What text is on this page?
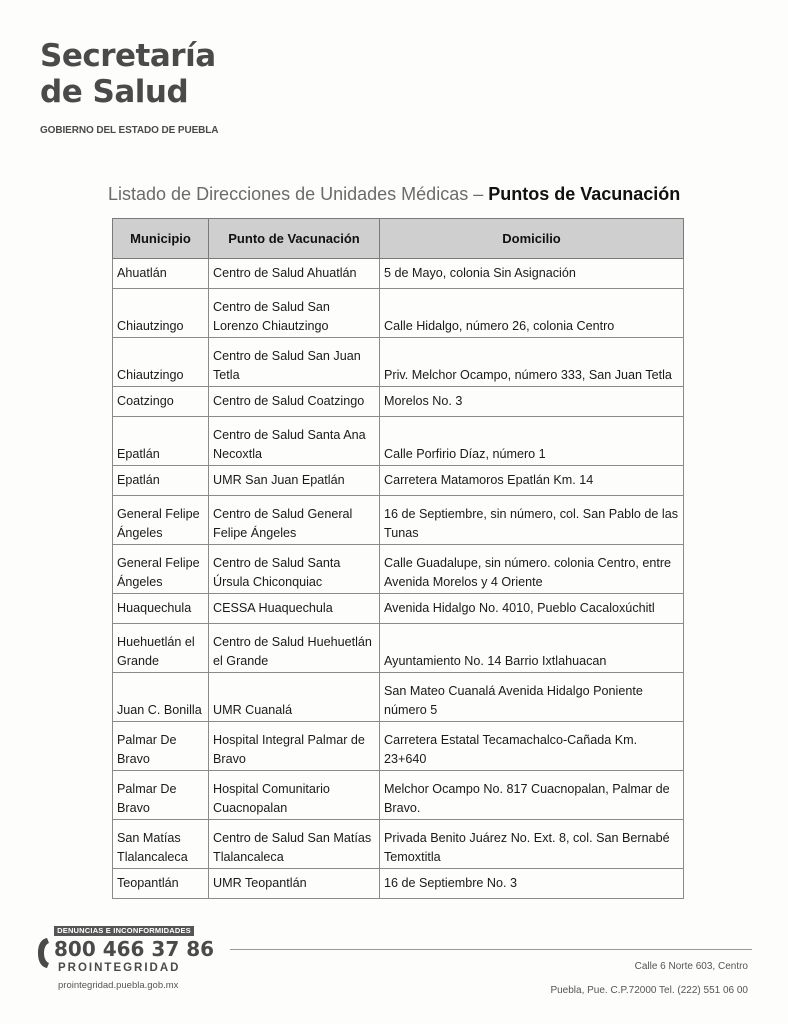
Secretaría
de Salud
GOBIERNO DEL ESTADO DE PUEBLA
Listado de Direcciones de Unidades Médicas – Puntos de Vacunación
Municipio	Punto de Vacunación	Domicilio
Ahuatlán	Centro de Salud Ahuatlán	5 de Mayo, colonia Sin Asignación
Chiautzingo	Centro de Salud San Lorenzo Chiautzingo	Calle Hidalgo, número 26, colonia Centro
Chiautzingo	Centro de Salud San Juan Tetla	Priv. Melchor Ocampo, número 333, San Juan Tetla
Coatzingo	Centro de Salud Coatzingo	Morelos No. 3
Epatlán	Centro de Salud Santa Ana Necoxtla	Calle Porfirio Díaz, número 1
Epatlán	UMR San Juan Epatlán	Carretera Matamoros Epatlán Km. 14
General Felipe Ángeles	Centro de Salud General Felipe Ángeles	16 de Septiembre, sin número, col. San Pablo de las Tunas
General Felipe Ángeles	Centro de Salud Santa Úrsula Chiconquiac	Calle Guadalupe, sin número. colonia Centro, entre Avenida Morelos y 4 Oriente
Huaquechula	CESSA Huaquechula	Avenida Hidalgo No. 4010, Pueblo Cacaloxúchitl
Huehuetlán el Grande	Centro de Salud Huehuetlán el Grande	Ayuntamiento No. 14 Barrio Ixtlahuacan
Juan C. Bonilla	UMR Cuanalá	San Mateo Cuanalá Avenida Hidalgo Poniente número 5
Palmar De Bravo	Hospital Integral Palmar de Bravo	Carretera Estatal Tecamachalco-Cañada Km. 23+640
Palmar De Bravo	Hospital Comunitario Cuacnopalan	Melchor Ocampo No. 817 Cuacnopalan, Palmar de Bravo.
San Matías Tlalancaleca	Centro de Salud San Matías Tlalancaleca	Privada Benito Juárez No. Ext. 8, col. San Bernabé Temoxtitla
Teopantlán	UMR Teopantlán	16 de Septiembre No. 3
DENUNCIAS E INCONFORMIDADES
800 466 37 86
PROINTEGRIDAD
prointegridad.puebla.gob.mx
Calle 6 Norte 603, Centro
Puebla, Pue. C.P.72000 Tel. (222) 551 06 00
